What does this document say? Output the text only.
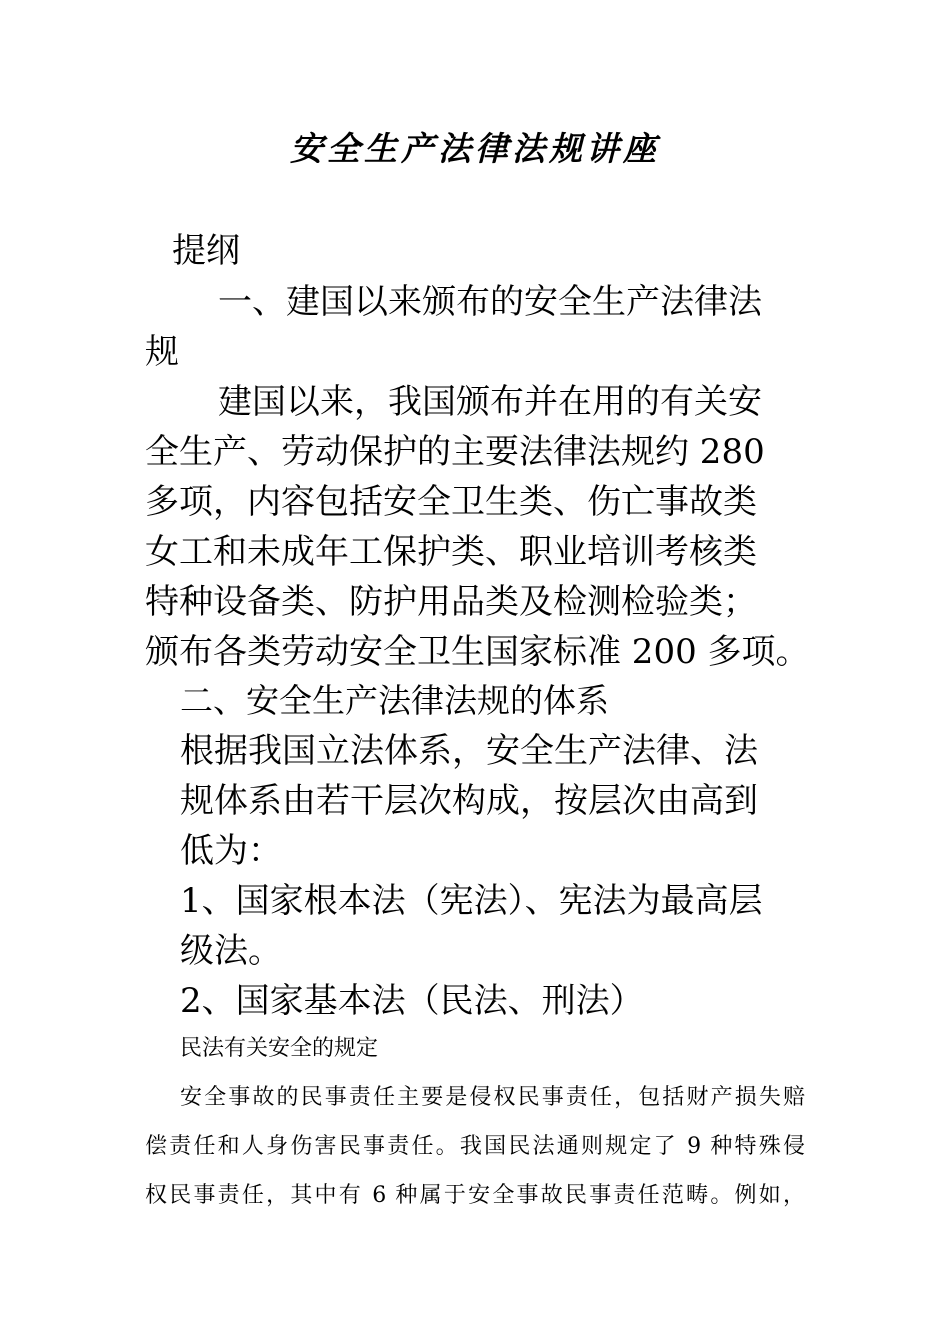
安全生产法律法规讲座
提纲
一、建国以来颁布的安全生产法律法
规
建国以来，我国颁布并在用的有关安
全生产、劳动保护的主要法律法规约 280
多项，内容包括安全卫生类、伤亡事故类
女工和未成年工保护类、职业培训考核类
特种设备类、防护用品类及检测检验类；
颁布各类劳动安全卫生国家标准 200 多项。
二、安全生产法律法规的体系
根据我国立法体系，安全生产法律、法
规体系由若干层次构成，按层次由高到
低为：
1、国家根本法（宪法）、宪法为最高层
级法。
2、国家基本法（民法、刑法）
民法有关安全的规定
安全事故的民事责任主要是侵权民事责任，包括财产损失赔
偿责任和人身伤害民事责任。我国民法通则规定了 9 种特殊侵
权民事责任，其中有 6 种属于安全事故民事责任范畴。例如，
